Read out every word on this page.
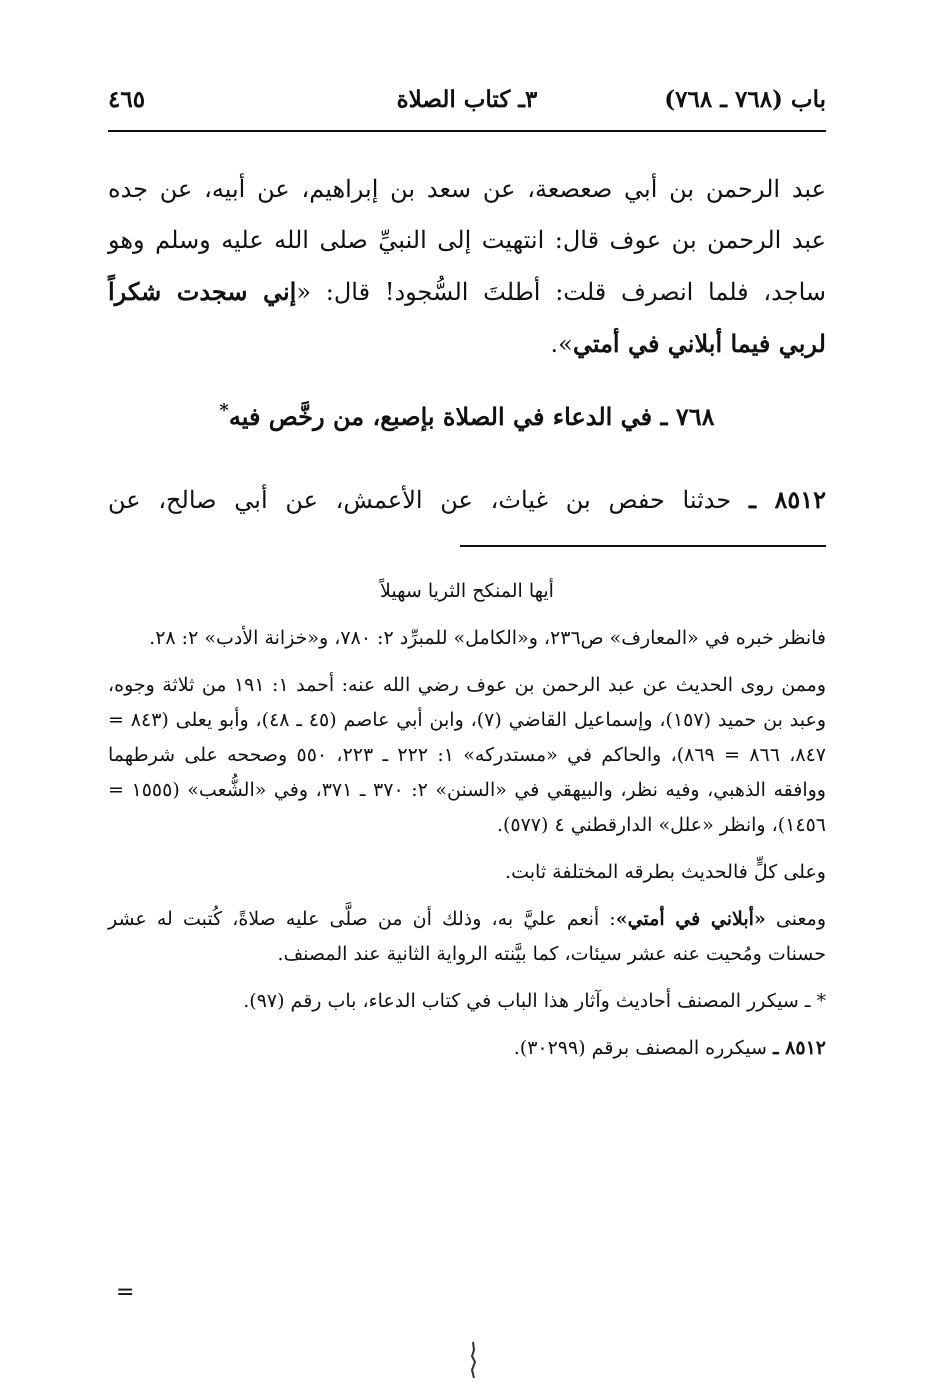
باب (٧٦٨ ـ ٧٦٨)
٣ـ كتاب الصلاة
٤٦٥
عبد الرحمن بن أبي صعصعة، عن سعد بن إبراهيم، عن أبيه، عن جده
عبد الرحمن بن عوف قال: انتهيت إلى النبيِّ صلى الله عليه وسلم وهو
ساجد، فلما انصرف قلت: أطلتَ السُّجود! قال: «إني سجدت شكراً
لربي فيما أبلاني في أمتي».
٧٦٨ ـ في الدعاء في الصلاة بإصبع، من رخَّص فيه*
٨٥١٢ ـ حدثنا حفص بن غياث، عن الأعمش، عن أبي صالح، عن

أيها المنكح الثريا سهيلاً

فانظر خبره في «المعارف» ص٢٣٦، و«الكامل» للمبرِّد ٢: ٧٨٠، و«خزانة الأدب» ٢: ٢٨.

وممن روى الحديث عن عبد الرحمن بن عوف رضي الله عنه: أحمد ١: ١٩١ من ثلاثة وجوه، وعبد بن حميد (١٥٧)، وإسماعيل القاضي (٧)، وابن أبي عاصم (٤٥ ـ ٤٨)، وأبو يعلى (٨٤٣ = ٨٤٧، ٨٦٦ = ٨٦٩)، والحاكم في «مستدركه» ١: ٢٢٢ ـ ٢٢٣، ٥٥٠ وصححه على شرطهما ووافقه الذهبي، وفيه نظر، والبيهقي في «السنن» ٢: ٣٧٠ ـ ٣٧١، وفي «الشُّعب» (١٥٥٥ = ١٤٥٦)، وانظر «علل» الدارقطني ٤ (٥٧٧).

وعلى كلٍّ فالحديث بطرقه المختلفة ثابت.

ومعنى «أبلاني في أمتي»: أنعم عليَّ به، وذلك أن من صلَّى عليه صلاةً، كُتبت له عشر حسنات ومُحيت عنه عشر سيئات، كما بيَّنته الرواية الثانية عند المصنف.

* ـ سيكرر المصنف أحاديث وآثار هذا الباب في كتاب الدعاء، باب رقم (٩٧).

٨٥١٢ ـ سيكرره المصنف برقم (٣٠٢٩٩).

=
